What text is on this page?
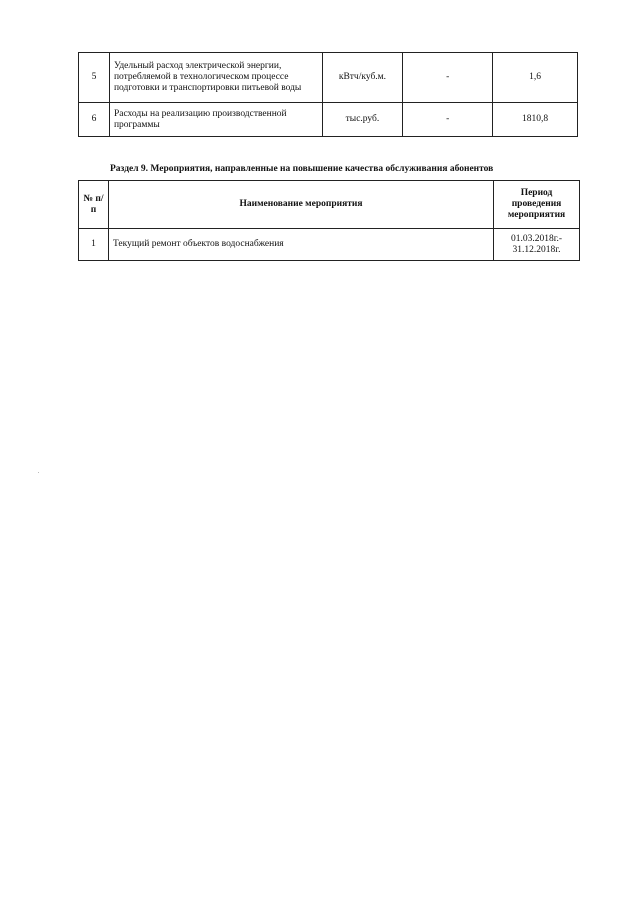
5	Удельный расход электрической энергии, потребляемой в технологическом процессе подготовки и транспортировки питьевой воды	кВтч/куб.м.	-	1,6
6	Расходы на реализацию производственной программы	тыс.руб.	-	1810,8
Раздел 9. Мероприятия, направленные на повышение качества обслуживания абонентов
№ п/п	Наименование мероприятия	Период проведения мероприятия
1	Текущий ремонт объектов водоснабжения	01.03.2018г.- 31.12.2018г.
